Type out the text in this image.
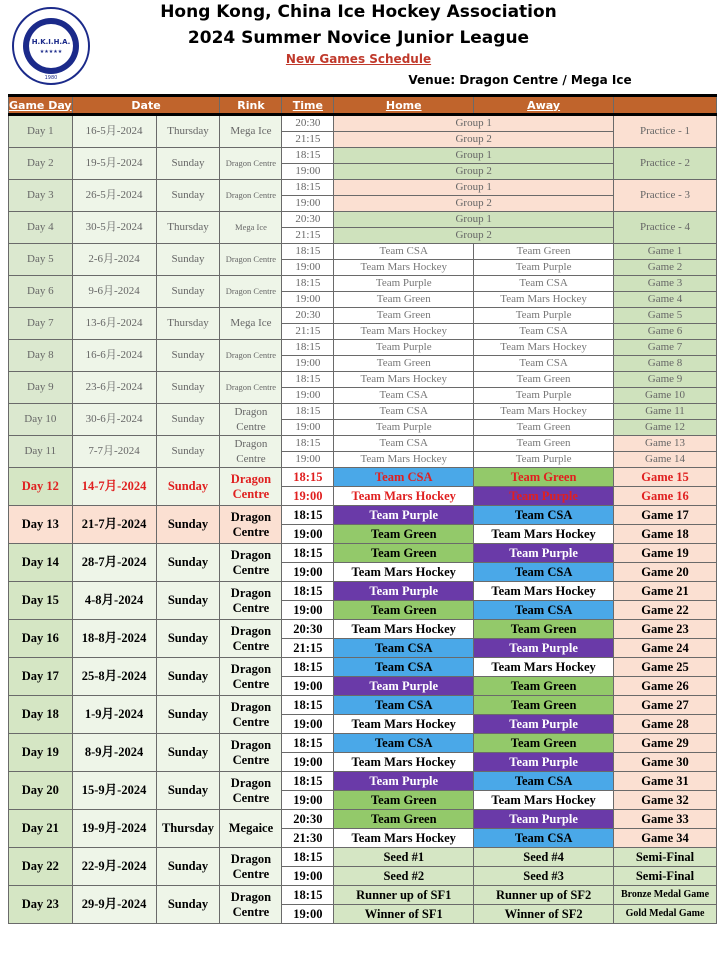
H.K.I.H.A.
★★★★★
1980
Hong Kong, China Ice Hockey Association
2024 Summer Novice Junior League
New Games Schedule
Venue: Dragon Centre / Mega Ice
Game Day	Date		Rink	Time	Home	Away	
Day 1	16-5月-2024	Thursday	Mega Ice	20:30	Group 1		Practice - 1
				21:15	Group 2		
Day 2	19-5月-2024	Sunday	Dragon Centre	18:15	Group 1		Practice - 2
				19:00	Group 2		
Day 3	26-5月-2024	Sunday	Dragon Centre	18:15	Group 1		Practice - 3
				19:00	Group 2		
Day 4	30-5月-2024	Thursday	Mega Ice	20:30	Group 1		Practice - 4
				21:15	Group 2		
Day 5	2-6月-2024	Sunday	Dragon Centre	18:15	Team CSA	Team Green	Game 1
				19:00	Team Mars Hockey	Team Purple	Game 2
Day 6	9-6月-2024	Sunday	Dragon Centre	18:15	Team Purple	Team CSA	Game 3
				19:00	Team Green	Team Mars Hockey	Game 4
Day 7	13-6月-2024	Thursday	Mega Ice	20:30	Team Green	Team Purple	Game 5
				21:15	Team Mars Hockey	Team CSA	Game 6
Day 8	16-6月-2024	Sunday	Dragon Centre	18:15	Team Purple	Team Mars Hockey	Game 7
				19:00	Team Green	Team CSA	Game 8
Day 9	23-6月-2024	Sunday	Dragon Centre	18:15	Team Mars Hockey	Team Green	Game 9
				19:00	Team CSA	Team Purple	Game 10
Day 10	30-6月-2024	Sunday	Dragon Centre	18:15	Team CSA	Team Mars Hockey	Game 11
				19:00	Team Purple	Team Green	Game 12
Day 11	7-7月-2024	Sunday	Dragon Centre	18:15	Team CSA	Team Green	Game 13
				19:00	Team Mars Hockey	Team Purple	Game 14
Day 12	14-7月-2024	Sunday	Dragon Centre	18:15	Team CSA	Team Green	Game 15
				19:00	Team Mars Hockey	Team Purple	Game 16
Day 13	21-7月-2024	Sunday	Dragon Centre	18:15	Team Purple	Team CSA	Game 17
				19:00	Team Green	Team Mars Hockey	Game 18
Day 14	28-7月-2024	Sunday	Dragon Centre	18:15	Team Green	Team Purple	Game 19
				19:00	Team Mars Hockey	Team CSA	Game 20
Day 15	4-8月-2024	Sunday	Dragon Centre	18:15	Team Purple	Team Mars Hockey	Game 21
				19:00	Team Green	Team CSA	Game 22
Day 16	18-8月-2024	Sunday	Dragon Centre	20:30	Team Mars Hockey	Team Green	Game 23
				21:15	Team CSA	Team Purple	Game 24
Day 17	25-8月-2024	Sunday	Dragon Centre	18:15	Team CSA	Team Mars Hockey	Game 25
				19:00	Team Purple	Team Green	Game 26
Day 18	1-9月-2024	Sunday	Dragon Centre	18:15	Team CSA	Team Green	Game 27
				19:00	Team Mars Hockey	Team Purple	Game 28
Day 19	8-9月-2024	Sunday	Dragon Centre	18:15	Team CSA	Team Green	Game 29
				19:00	Team Mars Hockey	Team Purple	Game 30
Day 20	15-9月-2024	Sunday	Dragon Centre	18:15	Team Purple	Team CSA	Game 31
				19:00	Team Green	Team Mars Hockey	Game 32
Day 21	19-9月-2024	Thursday	Megaice	20:30	Team Green	Team Purple	Game 33
				21:30	Team Mars Hockey	Team CSA	Game 34
Day 22	22-9月-2024	Sunday	Dragon Centre	18:15	Seed #1	Seed #4	Semi-Final
				19:00	Seed #2	Seed #3	Semi-Final
Day 23	29-9月-2024	Sunday	Dragon Centre	18:15	Runner up of SF1	Runner up of SF2	Bronze Medal Game
				19:00	Winner of SF1	Winner of SF2	Gold Medal Game
